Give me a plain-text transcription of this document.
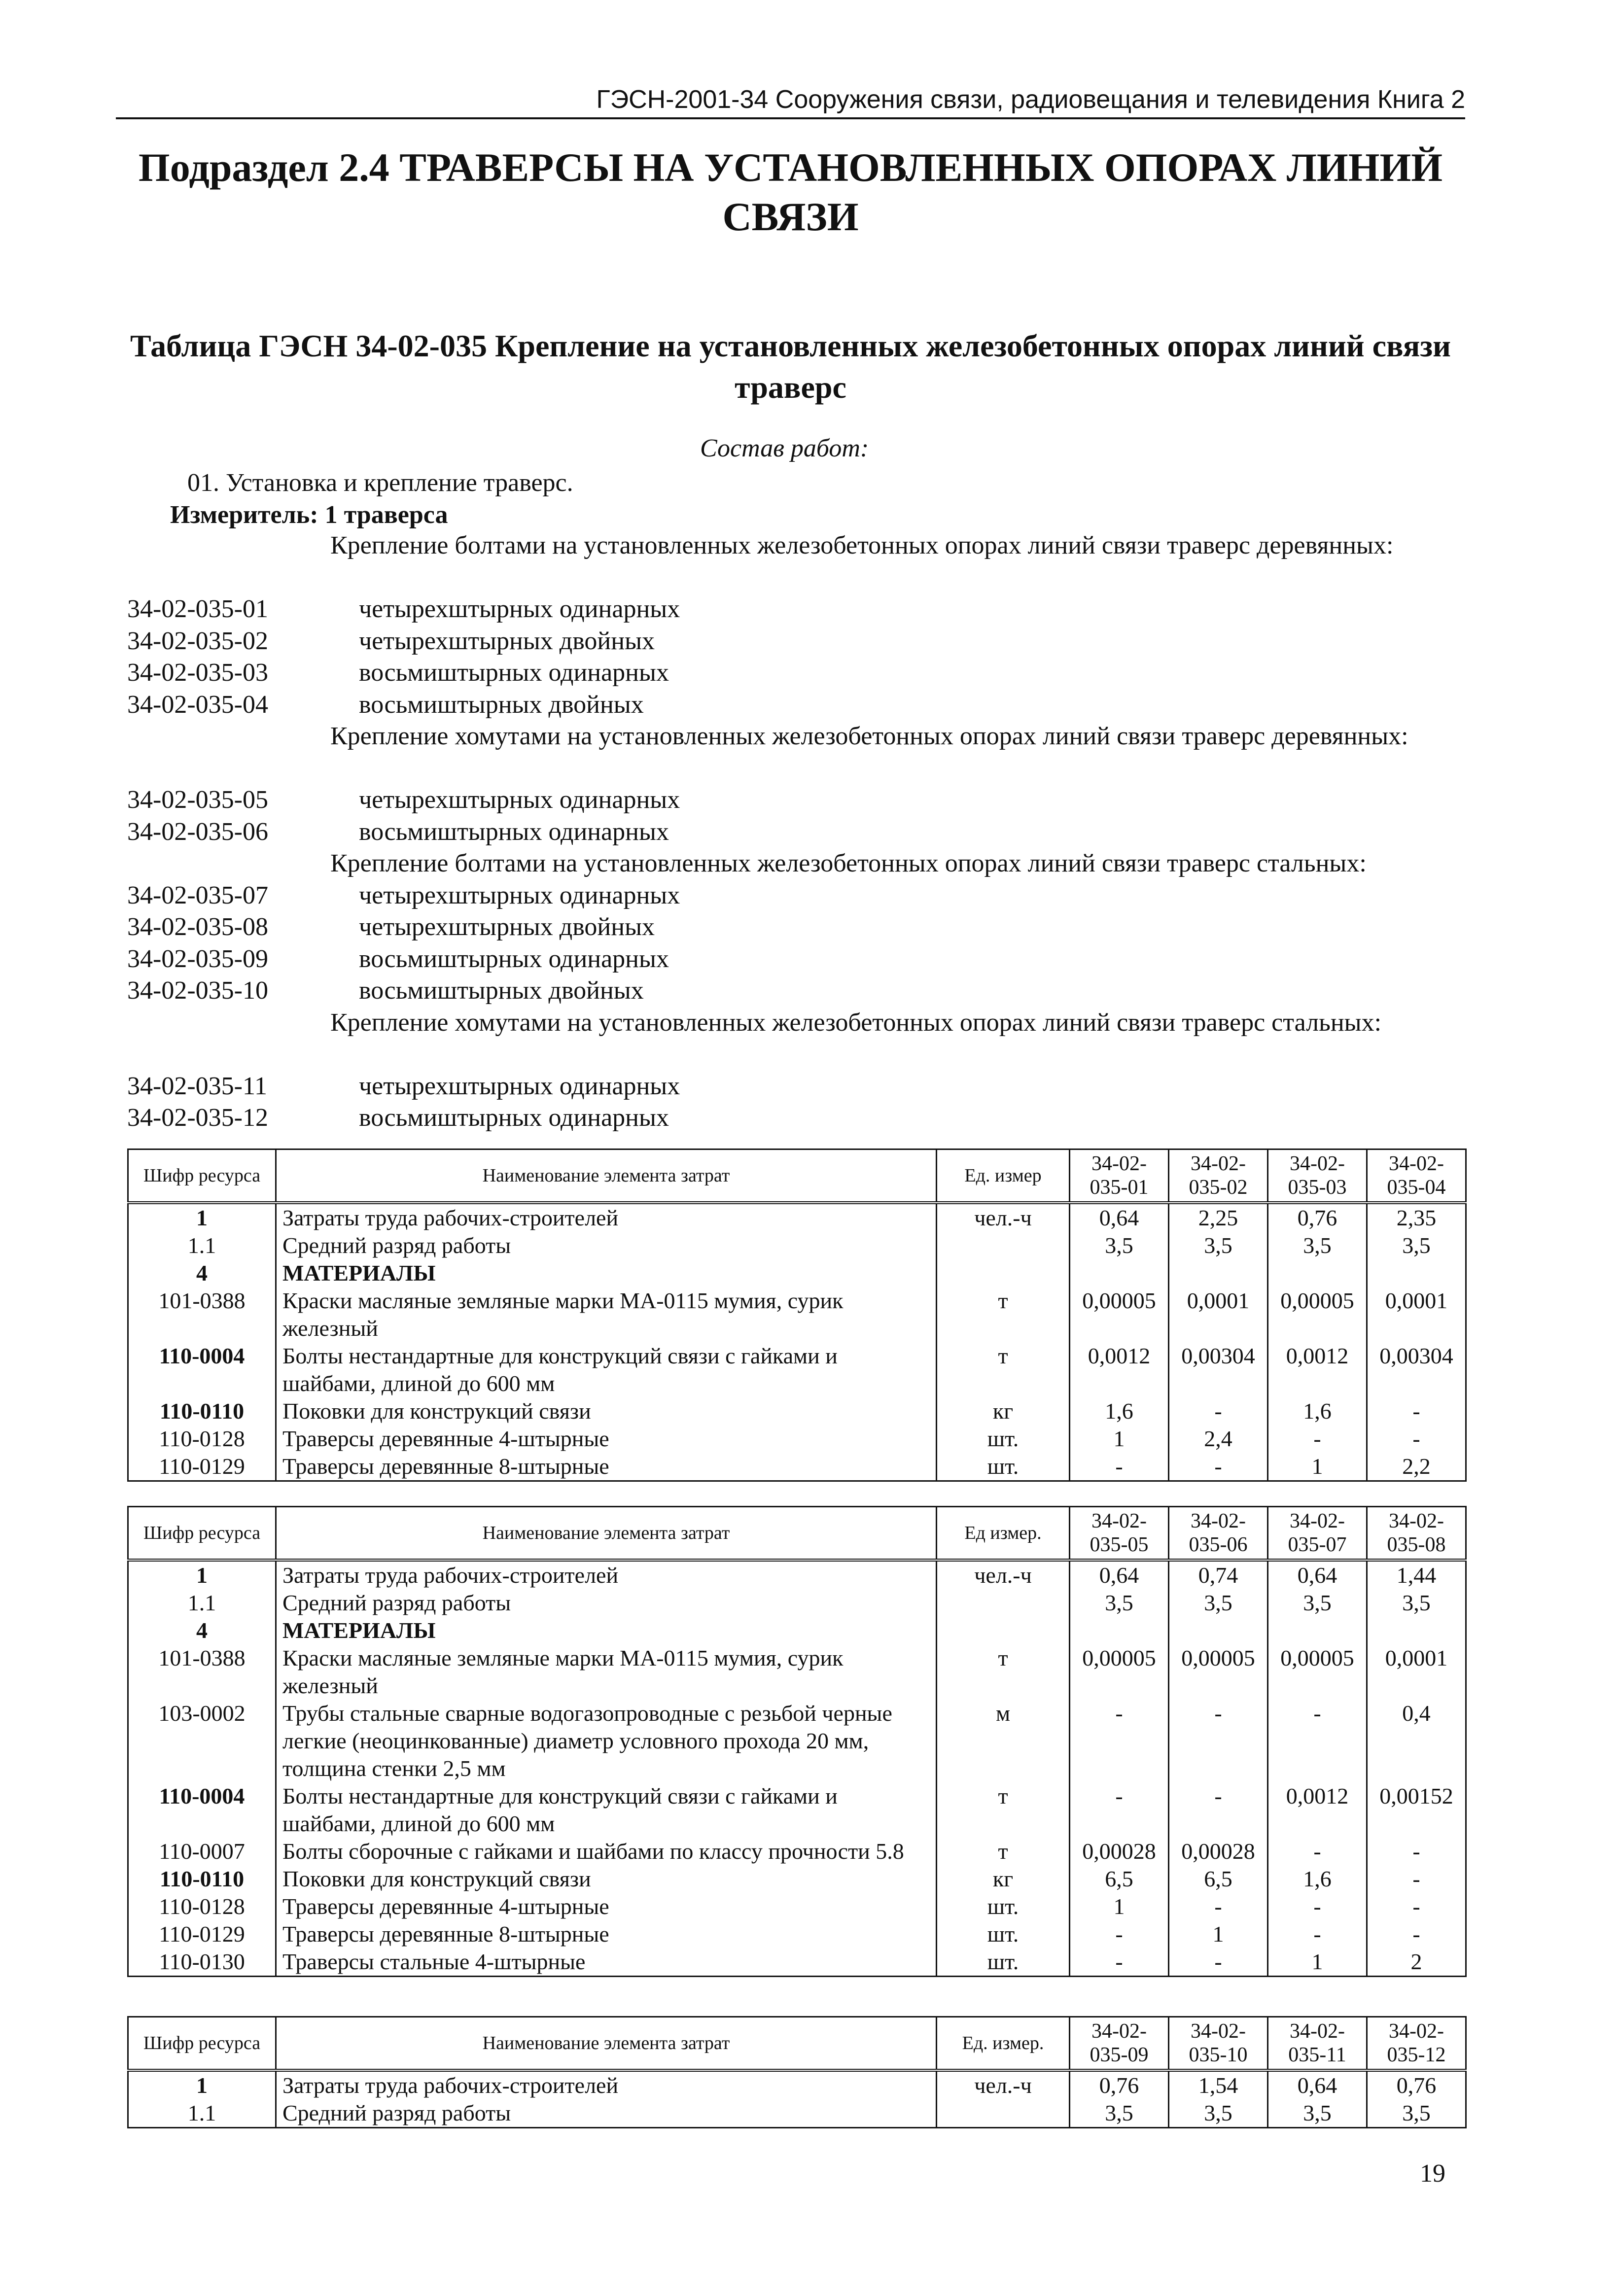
ГЭСН-2001-34 Сооружения связи, радиовещания и телевидения Книга 2
Подраздел 2.4 ТРАВЕРСЫ НА УСТАНОВЛЕННЫХ ОПОРАХ ЛИНИЙ СВЯЗИ
Таблица ГЭСН 34-02-035 Крепление на установленных железобетонных опорах линий связи траверс
Состав работ:
01. Установка и крепление траверс.
Измеритель: 1 траверса
Крепление болтами на установленных железобетонных опорах линий связи траверс деревянных:
34-02-035-01	четырехштырных одинарных
34-02-035-02	четырехштырных двойных
34-02-035-03	восьмиштырных одинарных
34-02-035-04	восьмиштырных двойных
Крепление хомутами на установленных железобетонных опорах линий связи траверс деревянных:
34-02-035-05	четырехштырных одинарных
34-02-035-06	восьмиштырных одинарных
Крепление болтами на установленных железобетонных опорах линий связи траверс стальных:
34-02-035-07	четырехштырных одинарных
34-02-035-08	четырехштырных двойных
34-02-035-09	восьмиштырных одинарных
34-02-035-10	восьмиштырных двойных
Крепление хомутами на установленных железобетонных опорах линий связи траверс стальных:
34-02-035-11	четырехштырных одинарных
34-02-035-12	восьмиштырных одинарных
Шифр ресурса	Наименование элемента затрат	Ед. измер	34-02-035-01	34-02-035-02	34-02-035-03	34-02-035-04
1	Затраты труда рабочих-строителей	чел.-ч	0,64	2,25	0,76	2,35
1.1	Средний разряд работы		3,5	3,5	3,5	3,5
4	МАТЕРИАЛЫ					
101-0388	Краски масляные земляные марки МА-0115 мумия, сурик железный	т	0,00005	0,0001	0,00005	0,0001
110-0004	Болты нестандартные для конструкций связи с гайками и шайбами, длиной до 600 мм	т	0,0012	0,00304	0,0012	0,00304
110-0110	Поковки для конструкций связи	кг	1,6	-	1,6	-
110-0128	Траверсы деревянные 4-штырные	шт.	1	2,4	-	-
110-0129	Траверсы деревянные 8-штырные	шт.	-	-	1	2,2
Шифр ресурса	Наименование элемента затрат	Ед измер.	34-02-035-05	34-02-035-06	34-02-035-07	34-02-035-08
1	Затраты труда рабочих-строителей	чел.-ч	0,64	0,74	0,64	1,44
1.1	Средний разряд работы		3,5	3,5	3,5	3,5
4	МАТЕРИАЛЫ					
101-0388	Краски масляные земляные марки МА-0115 мумия, сурик железный	т	0,00005	0,00005	0,00005	0,0001
103-0002	Трубы стальные сварные водогазопроводные с резьбой черные легкие (неоцинкованные) диаметр условного прохода 20 мм, толщина стенки 2,5 мм	м	-	-	-	0,4
110-0004	Болты нестандартные для конструкций связи с гайками и шайбами, длиной до 600 мм	т	-	-	0,0012	0,00152
110-0007	Болты сборочные с гайками и шайбами по классу прочности 5.8	т	0,00028	0,00028	-	-
110-0110	Поковки для конструкций связи	кг	6,5	6,5	1,6	-
110-0128	Траверсы деревянные 4-штырные	шт.	1	-	-	-
110-0129	Траверсы деревянные 8-штырные	шт.	-	1	-	-
110-0130	Траверсы стальные 4-штырные	шт.	-	-	1	2
Шифр ресурса	Наименование элемента затрат	Ед. измер.	34-02-035-09	34-02-035-10	34-02-035-11	34-02-035-12
1	Затраты труда рабочих-строителей	чел.-ч	0,76	1,54	0,64	0,76
1.1	Средний разряд работы		3,5	3,5	3,5	3,5
19
